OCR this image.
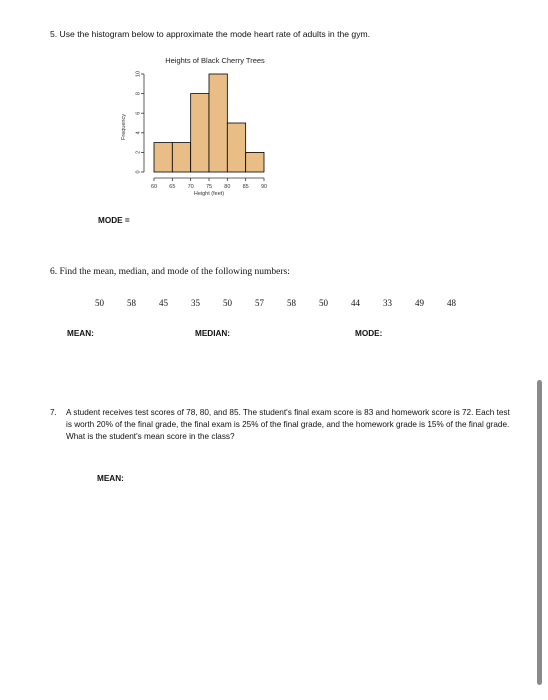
5. Use the histogram below to approximate the mode heart rate of adults in the gym.
Heights of Black Cherry Trees
0
2
4
6
8
10
Frequency
60 65 70 75 80 85 90
Height (feet)
MODE =
6. Find the mean, median, and mode of the following numbers:
50	58	45	35	50	57	58	50	44	33	49	48
MEAN:	MEDIAN:	MODE:
7. A student receives test scores of 78, 80, and 85. The student's final exam score is 83 and homework score is 72. Each test is worth 20% of the final grade, the final exam is 25% of the final grade, and the homework grade is 15% of the final grade. What is the student's mean score in the class?
MEAN:
